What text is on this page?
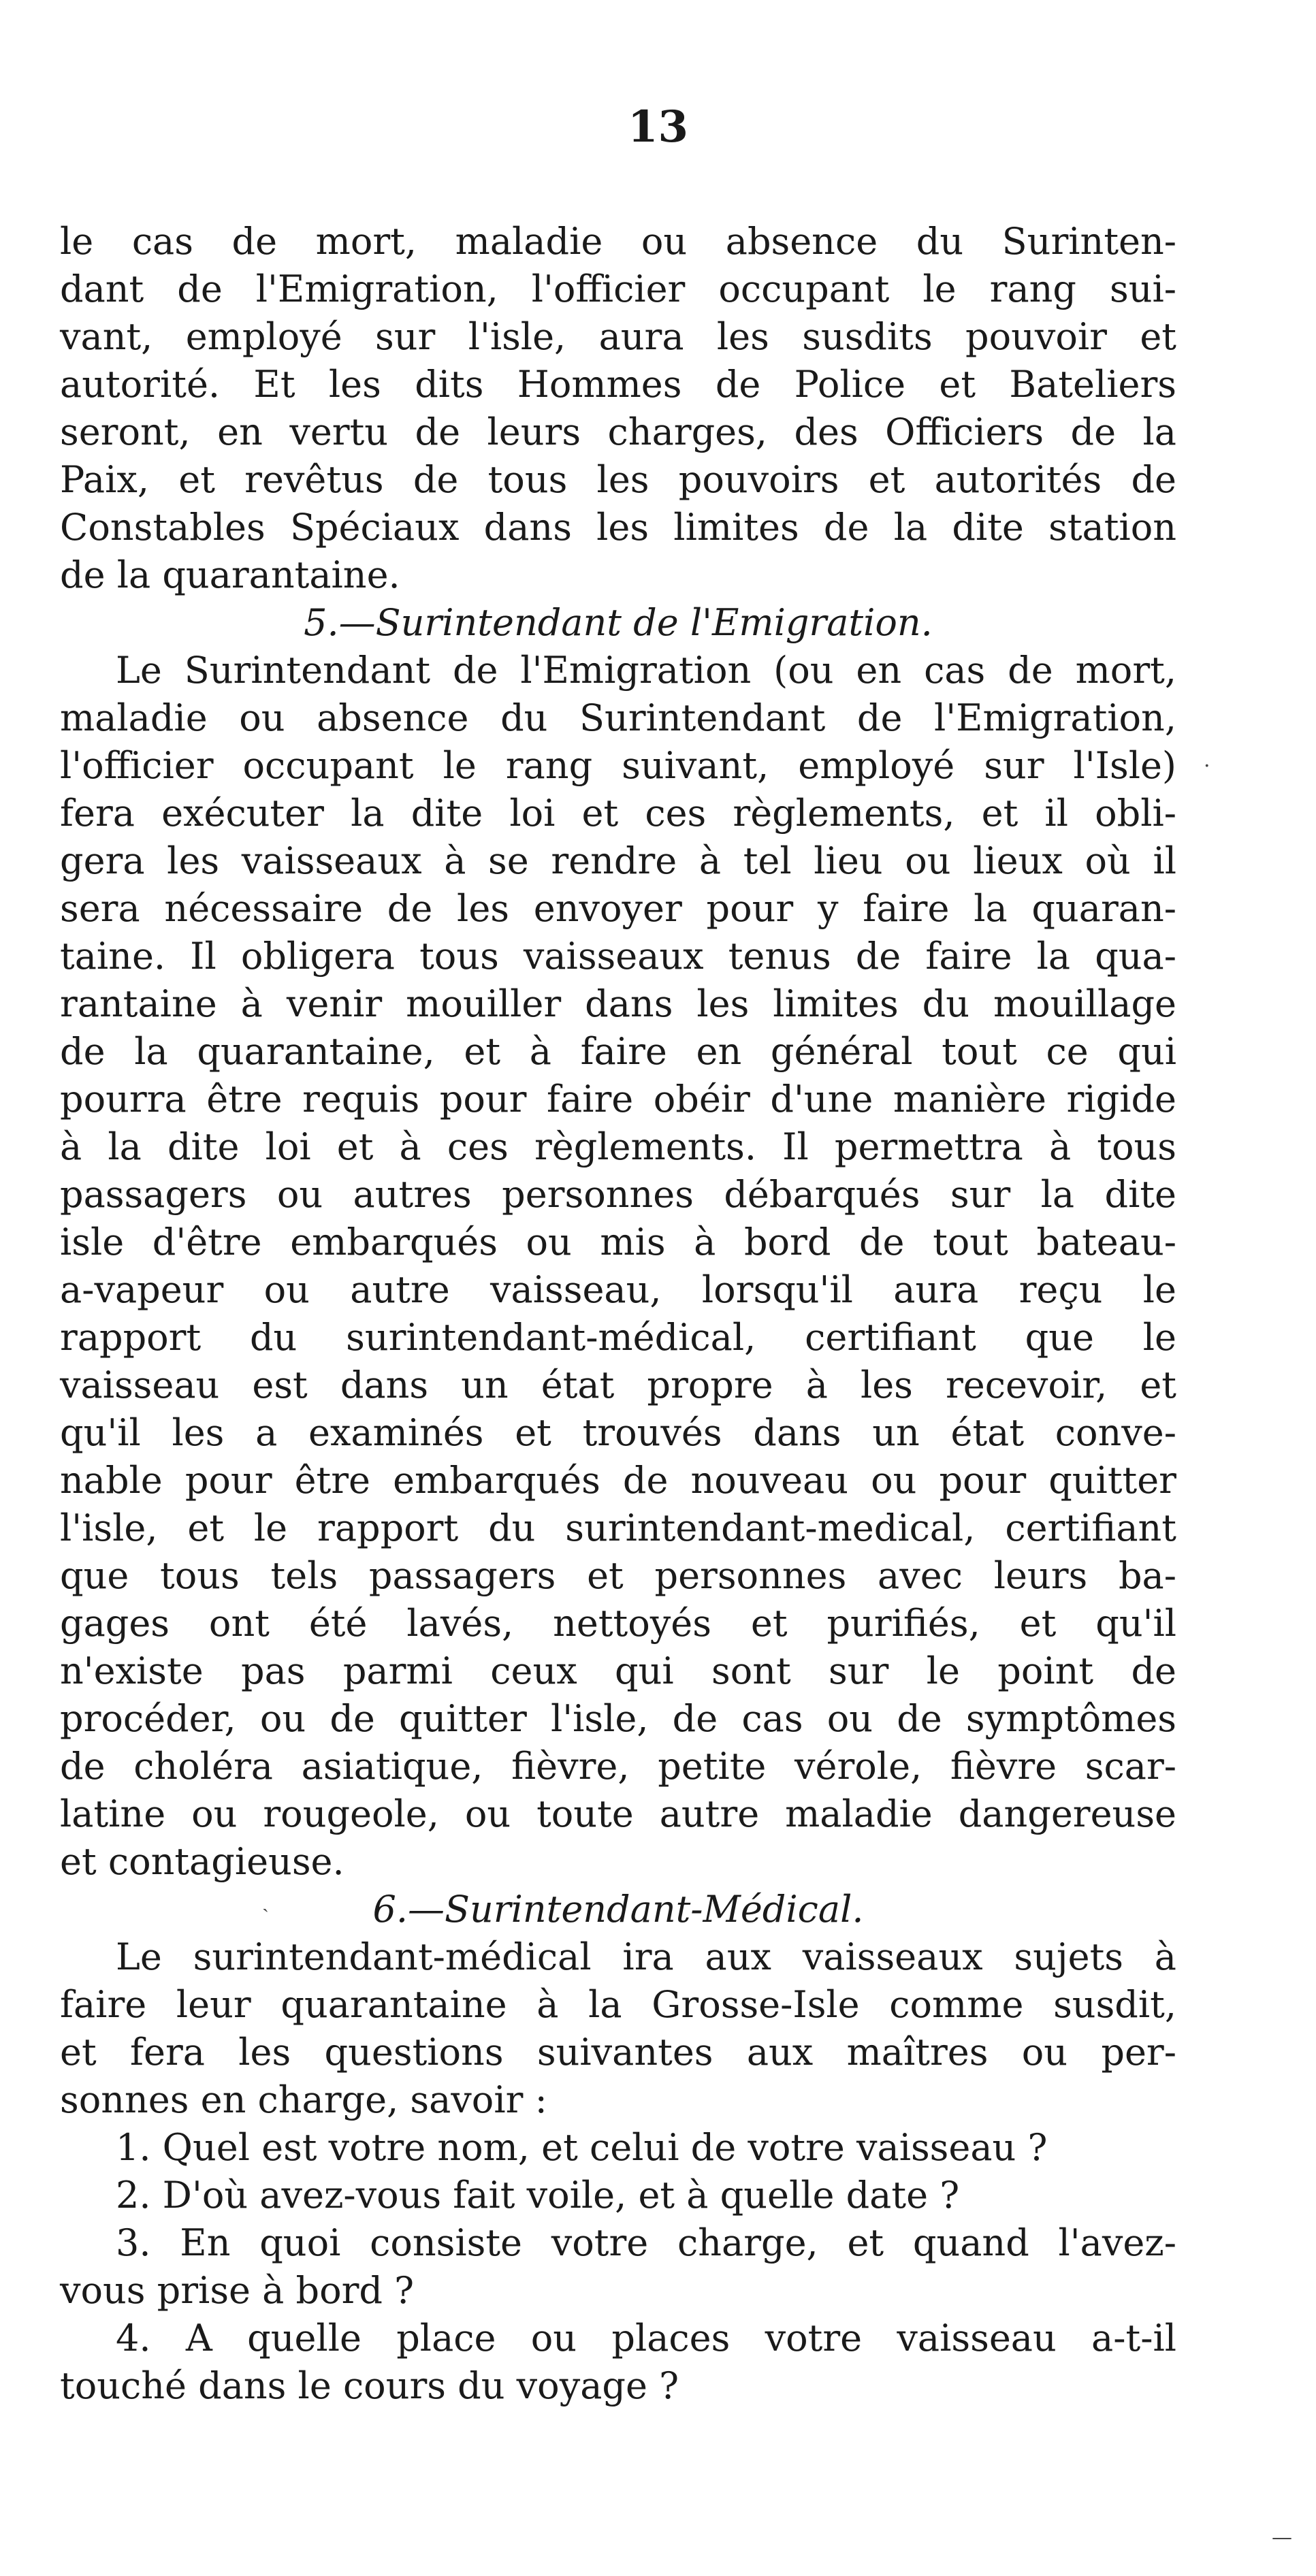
13
le cas de mort, maladie ou absence du Surinten-
dant de l'Emigration, l'officier occupant le rang sui-
vant, employé sur l'isle, aura les susdits pouvoir et
autorité. Et les dits Hommes de Police et Bateliers
seront, en vertu de leurs charges, des Officiers de la
Paix, et revêtus de tous les pouvoirs et autorités de
Constables Spéciaux dans les limites de la dite station
de la quarantaine.
5.—Surintendant de l'Emigration.
Le Surintendant de l'Emigration (ou en cas de mort,
maladie ou absence du Surintendant de l'Emigration,
l'officier occupant le rang suivant, employé sur l'Isle)
fera exécuter la dite loi et ces règlements, et il obli-
gera les vaisseaux à se rendre à tel lieu ou lieux où il
sera nécessaire de les envoyer pour y faire la quaran-
taine. Il obligera tous vaisseaux tenus de faire la qua-
rantaine à venir mouiller dans les limites du mouillage
de la quarantaine, et à faire en général tout ce qui
pourra être requis pour faire obéir d'une manière rigide
à la dite loi et à ces règlements. Il permettra à tous
passagers ou autres personnes débarqués sur la dite
isle d'être embarqués ou mis à bord de tout bateau-
a-vapeur ou autre vaisseau, lorsqu'il aura reçu le
rapport du surintendant-médical, certifiant que le
vaisseau est dans un état propre à les recevoir, et
qu'il les a examinés et trouvés dans un état conve-
nable pour être embarqués de nouveau ou pour quitter
l'isle, et le rapport du surintendant-medical, certifiant
que tous tels passagers et personnes avec leurs ba-
gages ont été lavés, nettoyés et purifiés, et qu'il
n'existe pas parmi ceux qui sont sur le point de
procéder, ou de quitter l'isle, de cas ou de symptômes
de choléra asiatique, fièvre, petite vérole, fièvre scar-
latine ou rougeole, ou toute autre maladie dangereuse
et contagieuse.
6.—Surintendant-Médical.
Le surintendant-médical ira aux vaisseaux sujets à
faire leur quarantaine à la Grosse-Isle comme susdit,
et fera les questions suivantes aux maîtres ou per-
sonnes en charge, savoir :
1. Quel est votre nom, et celui de votre vaisseau ?
2. D'où avez-vous fait voile, et à quelle date ?
3. En quoi consiste votre charge, et quand l'avez-
vous prise à bord ?
4. A quelle place ou places votre vaisseau a-t-il
touché dans le cours du voyage ?
·
ˏ
—
